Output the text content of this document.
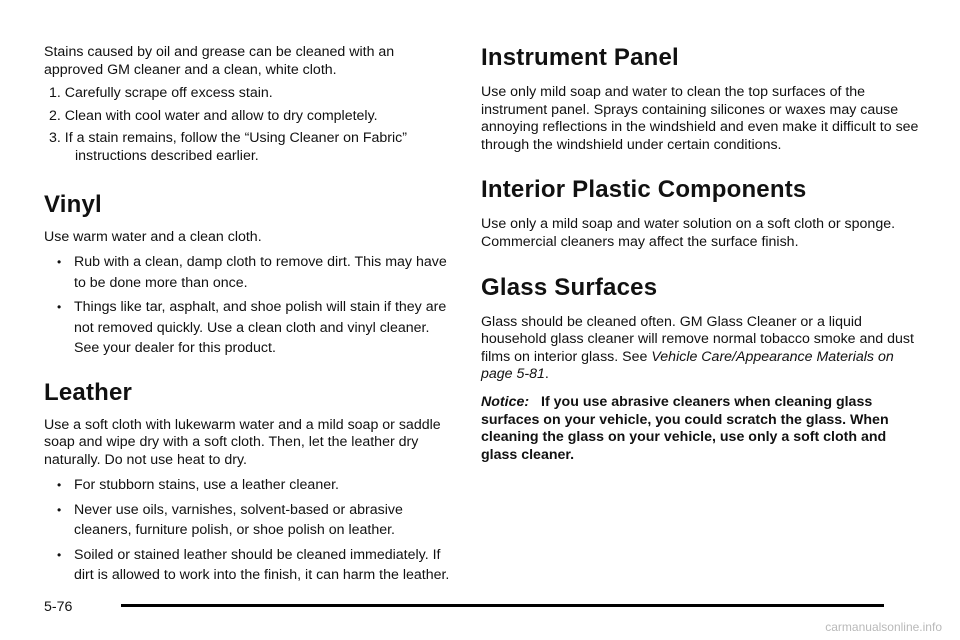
Stains caused by oil and grease can be cleaned with an approved GM cleaner and a clean, white cloth.

1. Carefully scrape off excess stain.
2. Clean with cool water and allow to dry completely.
3. If a stain remains, follow the “Using Cleaner on Fabric” instructions described earlier.
Vinyl

Use warm water and a clean cloth.

• Rub with a clean, damp cloth to remove dirt. This may have to be done more than once.
• Things like tar, asphalt, and shoe polish will stain if they are not removed quickly. Use a clean cloth and vinyl cleaner. See your dealer for this product.
Leather

Use a soft cloth with lukewarm water and a mild soap or saddle soap and wipe dry with a soft cloth. Then, let the leather dry naturally. Do not use heat to dry.

• For stubborn stains, use a leather cleaner.
• Never use oils, varnishes, solvent-based or abrasive cleaners, furniture polish, or shoe polish on leather.
• Soiled or stained leather should be cleaned immediately. If dirt is allowed to work into the finish, it can harm the leather.
Instrument Panel

Use only mild soap and water to clean the top surfaces of the instrument panel. Sprays containing silicones or waxes may cause annoying reflections in the windshield and even make it difficult to see through the windshield under certain conditions.

Interior Plastic Components

Use only a mild soap and water solution on a soft cloth or sponge. Commercial cleaners may affect the surface finish.

Glass Surfaces

Glass should be cleaned often. GM Glass Cleaner or a liquid household glass cleaner will remove normal tobacco smoke and dust films on interior glass. See Vehicle Care/Appearance Materials on page 5-81.

Notice: If you use abrasive cleaners when cleaning glass surfaces on your vehicle, you could scratch the glass. When cleaning the glass on your vehicle, use only a soft cloth and glass cleaner.

5-76
carmanualsonline.info
